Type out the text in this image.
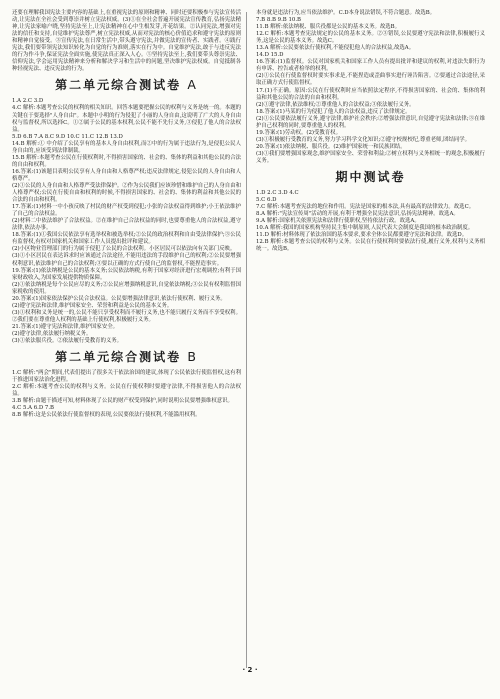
还要在理解我国宪法主要内容的基础上,在重视宪法的原则和精神、同时还要积极参与宪法宣传活动,让宪法在全社会受到尊崇并树立宪法权威。(3)①在全社会普遍开展宪法宣传教育,弘扬宪法精神,让宪法家喻户晓,坚持宪法至上,让宪法精神在心中生根发芽,开花结果。②认同宪法,增强对宪法的信任和支持,自觉维护宪法尊严,树立宪法权威,从而对宪法的核心价值追求和遵守宪法的原则和精神自觉接受。③宣传宪法,在日常生活中,带头遵守宪法,并做宪法的宣传者、实践者。④践行宪法,我们要带领宪法知识转化为自觉的行为准则,落实在行为中。自觉维护宪法,敢于与违反宪法的行为作斗争,保证宪法全面实施,使宪法真正深入人心。⑤坚持宪法至上,我们要带头尊崇宪法、信仰宪法,学会运用宪法精神来分析和解决学习和生活中的问题,坚决维护宪法权威。自觉抵制各种轻视宪法、违反宪法的行为。

第二单元综合测试卷 A
1.A 2.C 3.D
4.C 解析:本题考查公民的权利的相关知识。回答本题要把握公民的权利与义务是统一的。本题的关键在于要选择"人身自由"。本题中小明的行为侵犯了小丽的人身自由,这说明了广大的人身自由权与监督权,所以选择C。①②属于公民的基本权利,公民不能不先行义务,③侵犯了他人的合法权益。
5.D 6.B 7.A 8.C 9.D 10.C 11.C 12.B 13.D
14.B 解析:① 中介绍了公民享有的基本人身自由权利,而②中的行为属于违法行为,是侵犯公民人身自由的,应该受到法律制裁。
15.B 解析:本题考查公民在行使权利时,不得损害国家的、社会的、集体的利益和其他公民的合法的自由和权利。
16.答案:(1)该题目表明公民享有人身自由和人格尊严权;违反法律规定,侵犯公民的人身自由和人格尊严。
(2)①公民的人身自由和人格尊严受法律保护。②作为公民我们应该珍惜和维护自己的人身自由和人格尊严权;公民在行使自由和权利的时候,不得损害国家的、社会的、集体的利益和其他公民的合法的自由和权利。
17.答案:(1)材料一中小孩反映了村民的财产权受到侵犯;小张的合法权益得到维护;小王依法维护了自己的合法权益。
(2)材料二中依法维护了合法权益。②在维护自己合法权益的同时,也要尊重他人的合法权益,遵守法律,依法办事。
18.答案:(1)①我国公民依法享有选举权和被选举权;②公民的政治权利和自由受法律保护;③公民有监督权,有权对国家机关和国家工作人员提出批评和建议。
(2)小区物业管理部门的行为属于侵犯了公民的合法权利。小区居民可以依法向有关部门反映。
(3)①小区居民在表达诉求时应该通过合法途径,不能用违法的手段维护自己的权利;②公民要增强权利意识,依法维护自己的合法权利;③要以正确的方式行使自己的监督权,不能捏造事实。
19.答案:(1)依法纳税是公民的基本义务;公民依法纳税,有利于国家对经济进行宏观调控;有利于国家财政收入,为国家发展提供物质保障。
(2)①依法纳税是每个公民应尽的义务;②公民应增强纳税意识,自觉依法纳税;③公民有权利监督国家税收的使用。
20.答案:(1)国家依法保护公民合法权益。公民要增强法律意识,依法行使权利、履行义务。
(2)遵守宪法和法律,维护国家安全、荣誉和利益是公民的基本义务。
(3)①权利和义务是统一的,公民不能只享受权利而不履行义务,也不能只履行义务而不享受权利。②我们要在尊重他人权利的基础上行使权利,积极履行义务。
21.答案:(1)遵守宪法和法律,维护国家安全。
(2)遵守法律,依法履行纳税义务。
(3)①依法服兵役。②依法履行受教育的义务。
第二单元综合测试卷 B
1.C 解析:"两会"期间,代表们提出了很多关于依法治国的建议,体现了公民依法行使监督权,这有利于推进国家法治化进程。
2.C 解析:本题考查公民的权利与义务。公民在行使权利时要遵守法律,不得损害他人的合法权益。
3.B 解析:由题干描述可知,材料体现了公民的财产权受到保护,同时说明公民要增强维权意识。
4.C 5.A 6.D 7.B
8.B 解析:这是公民依法行使监督权的表现,公民要依法行使权利,不能滥用权利。
本身就是违法行为,应当依法维护。C.D本身说法错误,不符合题意。故选B。
7.B 8.B 9.B 10.B
11.B 解析:依法纳税、服兵役都是公民的基本义务。故选B。
12.C 解析:本题考查宪法规定的公民的基本义务。②③错误,公民要遵守宪法和法律,积极履行义务,这是公民的基本义务。故选C。
13.A 解析:公民要依法行使权利,不能侵犯他人的合法权益,故选A。
14.D 15.D
16.答案:(1)监督权。公民对国家机关和国家工作人员有提出批评和建议的权利,对违法失职行为有申诉、控告或者检举的权利。
(2)①公民在行使监督权时要实事求是,不能捏造或歪曲事实进行诬告陷害。②要通过合法途径,采取正确方式行使监督权。
17.(1)不正确。原因:公民在行使权利时应当依照法定程序,不得损害国家的、社会的、集体的利益和其他公民的合法的自由和权利。
(2)①遵守法律,依法维权;②尊重他人的合法权益;③依法履行义务。
18.答案:(1)马某的行为侵犯了他人的合法权益,违反了法律规定。
(2)①公民要依法履行义务,遵守法律,维护社会秩序;②增强法律意识,自觉遵守宪法和法律;③在维护自己权利的同时,要尊重他人的权利。
19.答案:(1)劳动权。(2)受教育权。
(3)①积极履行受教育的义务,努力学习科学文化知识;②遵守校规校纪,尊重老师,团结同学。
20.答案:(1)依法纳税、服兵役。(2)维护国家统一和民族团结。
(3)①我们要增强国家观念,维护国家安全、荣誉和利益;②树立权利与义务相统一的观念,积极履行义务。
期中测试卷
1.D 2.C 3.D 4.C
5.C 6.D
7.C 解析:本题考查宪法的地位和作用。宪法是国家的根本法,具有最高的法律效力。故选C。
8.A 解析:"宪法宣传周"活动的开展,有利于增强全民宪法意识,弘扬宪法精神。故选A。
9.A 解析:国家机关依照宪法和法律行使职权,坚持依法行政。故选A。
10.A 解析:我国的国家机构坚持民主集中制原则,人民代表大会制度是我国的根本政治制度。
11.D 解析:材料体现了依法治国的基本要求,要求全体公民都要遵守宪法和法律。故选D。
12.B 解析:本题考查公民的权利与义务。公民在行使权利时要依法行使,履行义务,权利与义务相统一。故选B。
· 2 ·
